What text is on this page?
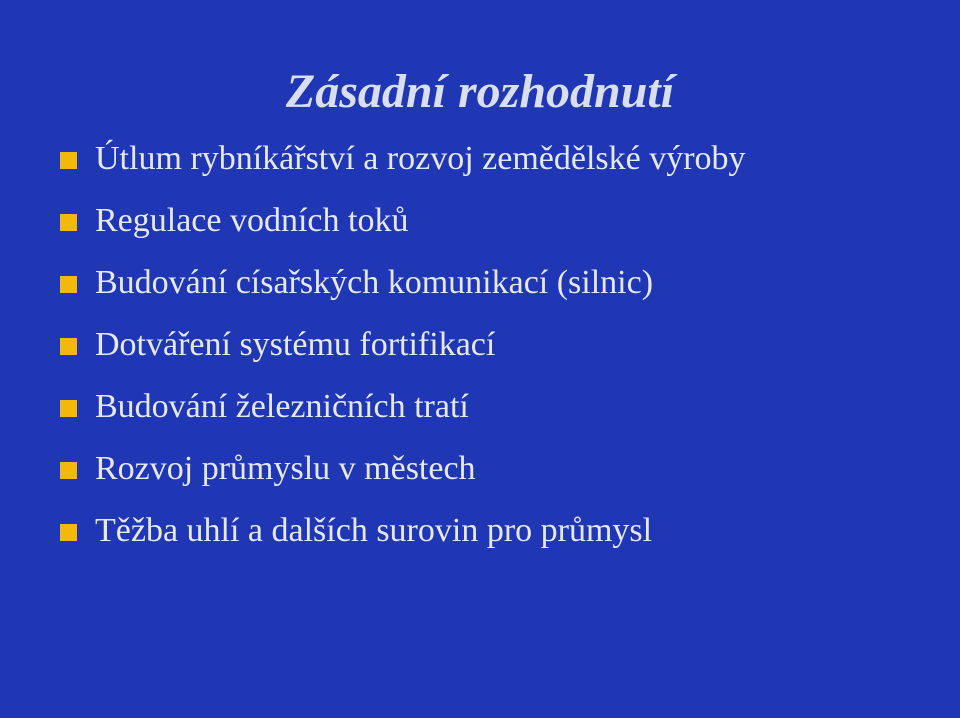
Zásadní rozhodnutí
Útlum rybníkářství a rozvoj zemědělské výroby
Regulace vodních toků
Budování císařských komunikací (silnic)
Dotváření systému fortifikací
Budování železničních tratí
Rozvoj průmyslu v městech
Těžba uhlí a dalších surovin pro průmysl
